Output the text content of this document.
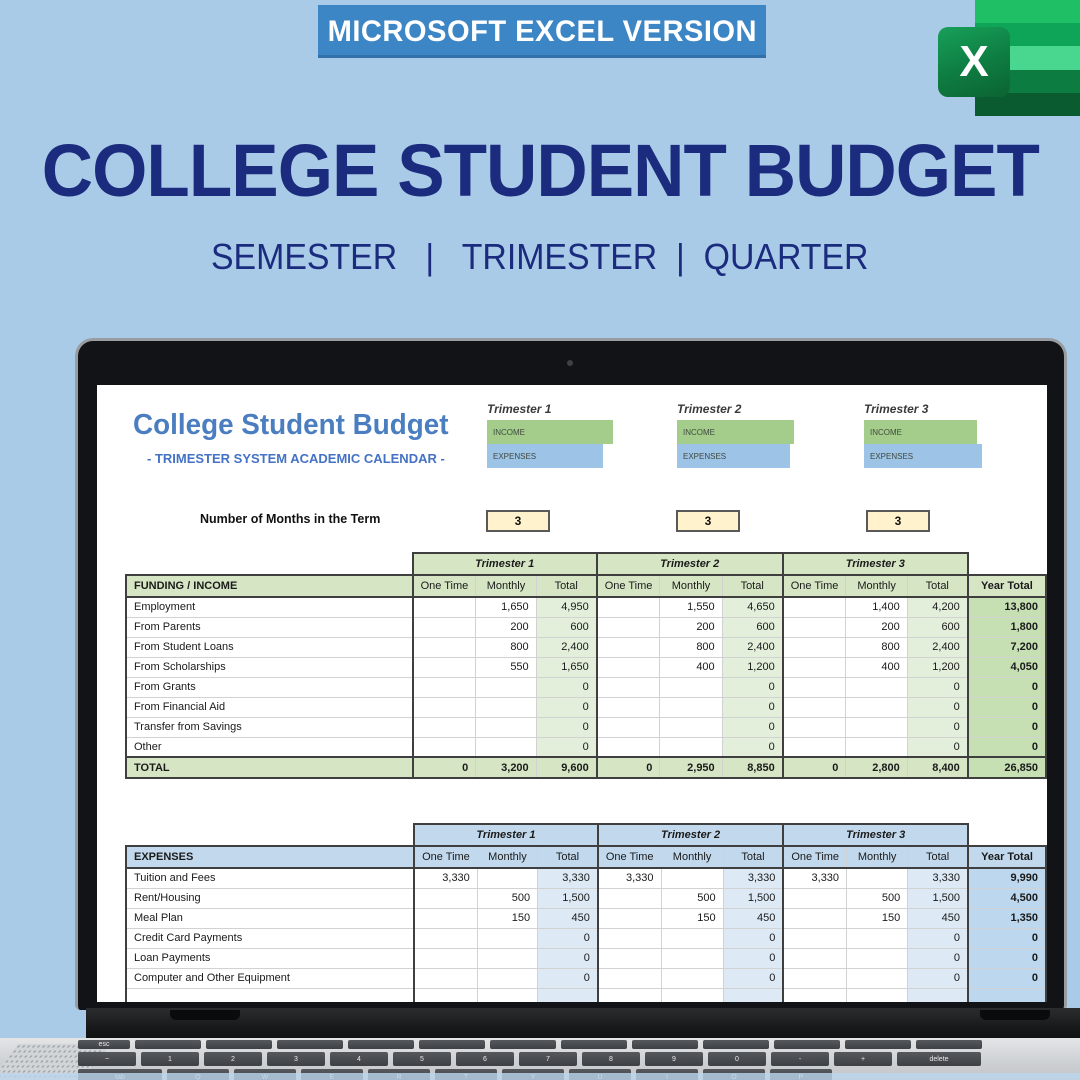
MICROSOFT EXCEL VERSION
X
COLLEGE STUDENT BUDGET
SEMESTER   |   TRIMESTER  |  QUARTER
College Student Budget
- TRIMESTER SYSTEM ACADEMIC CALENDAR -
Trimester 1
INCOME
EXPENSES
Trimester 2
INCOME
EXPENSES
Trimester 3
INCOME
EXPENSES
Number of Months in the Term	3	3	3
	Trimester 1			Trimester 2			Trimester 3			
FUNDING / INCOME	One Time	Monthly	Total	One Time	Monthly	Total	One Time	Monthly	Total	Year Total
Employment		1,650	4,950		1,550	4,650		1,400	4,200	13,800
From Parents		200	600		200	600		200	600	1,800
From Student Loans		800	2,400		800	2,400		800	2,400	7,200
From Scholarships		550	1,650		400	1,200		400	1,200	4,050
From Grants			0			0			0	0
From Financial Aid			0			0			0	0
Transfer from Savings			0			0			0	0
Other			0			0			0	0
TOTAL	0	3,200	9,600	0	2,950	8,850	0	2,800	8,400	26,850
	Trimester 1			Trimester 2			Trimester 3			
EXPENSES	One Time	Monthly	Total	One Time	Monthly	Total	One Time	Monthly	Total	Year Total
Tuition and Fees	3,330		3,330	3,330		3,330	3,330		3,330	9,990
Rent/Housing		500	1,500		500	1,500		500	1,500	4,500
Meal Plan		150	450		150	450		150	450	1,350
Credit Card Payments			0			0			0	0
Loan Payments			0			0			0	0
Computer and Other Equipment			0			0			0	0

esc
~	1	2	3	4	5	6	7	8	9	0	-	+	delete
